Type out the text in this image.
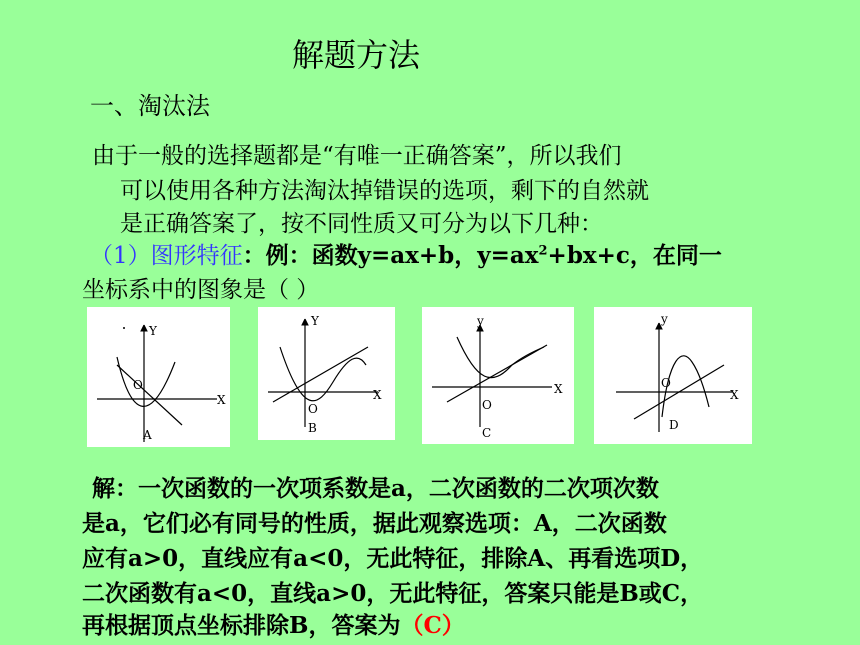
解题方法
一、淘汰法
由于一般的选择题都是“有唯一正确答案”，所以我们
可以使用各种方法淘汰掉错误的选项，剩下的自然就
是正确答案了，按不同性质又可分为以下几种：
（1）图形特征：例：函数y=ax+b，$y=ax^2+bx+c$，在同一
坐标系中的图象是（ ）
Y
O
X
A
Y
O
X
B
y
O
X
C
y
O
X
D
解：一次函数的一次项系数是a，二次函数的二次项次数
是a，它们必有同号的性质，据此观察选项：A，二次函数
应有a>0，直线应有a<0，无此特征，排除A、再看选项D，
二次函数有a<0，直线a>0，无此特征，答案只能是B或C，
再根据顶点坐标排除B，答案为（C）
